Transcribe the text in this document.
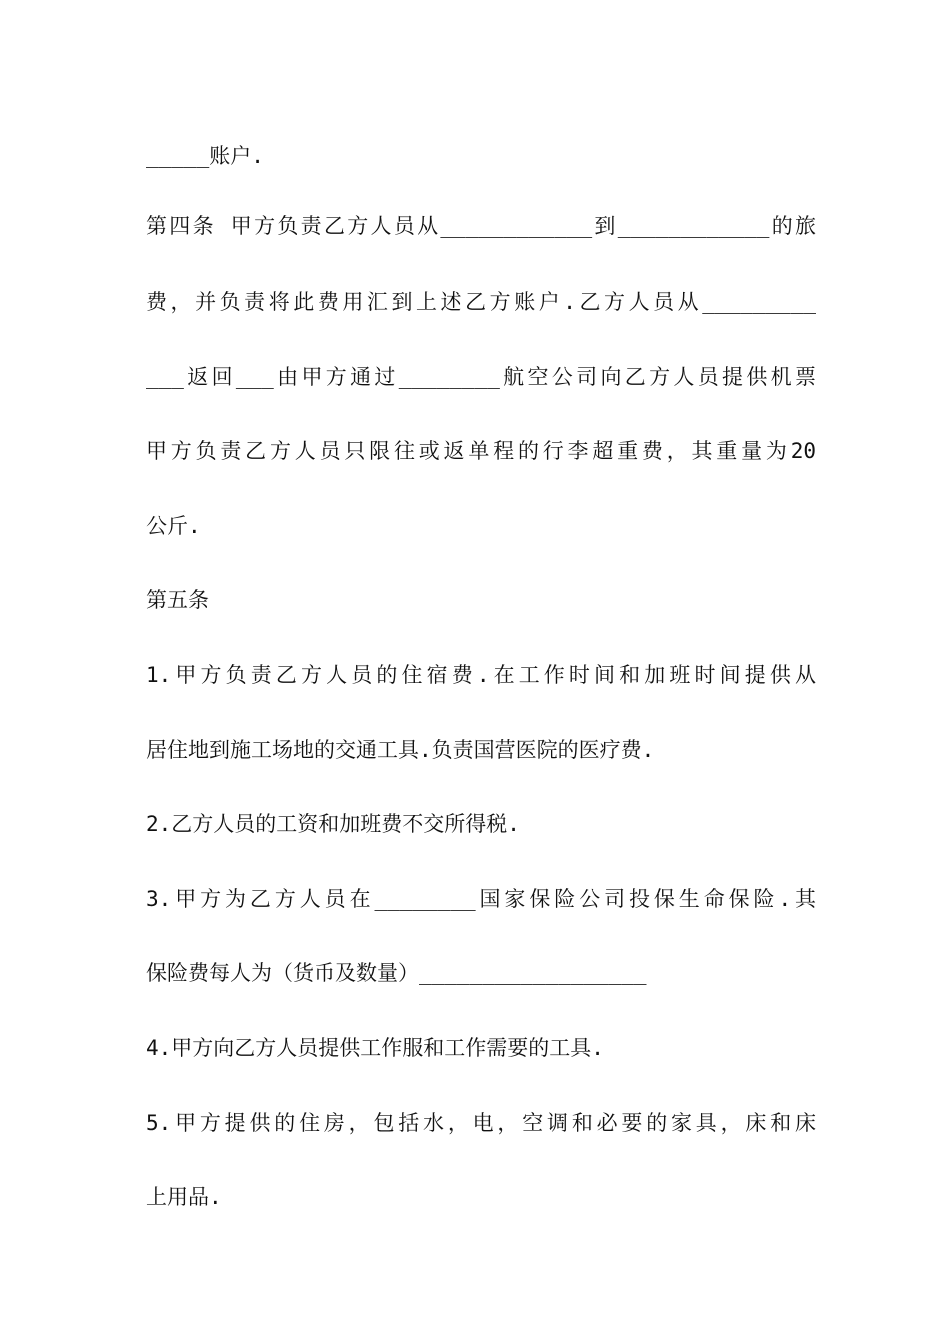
_____账户.
第四条 甲方负责乙方人员从____________到____________的旅
费，并负责将此费用汇到上述乙方账户.乙方人员从_________
___返回___由甲方通过________航空公司向乙方人员提供机票
甲方负责乙方人员只限往或返单程的行李超重费，其重量为20
公斤.
第五条
1.甲方负责乙方人员的住宿费.在工作时间和加班时间提供从
居住地到施工场地的交通工具.负责国营医院的医疗费.
2.乙方人员的工资和加班费不交所得税.
3.甲方为乙方人员在________国家保险公司投保生命保险.其
保险费每人为（货币及数量）__________________
4.甲方向乙方人员提供工作服和工作需要的工具.
5.甲方提供的住房，包括水，电，空调和必要的家具，床和床
上用品.
